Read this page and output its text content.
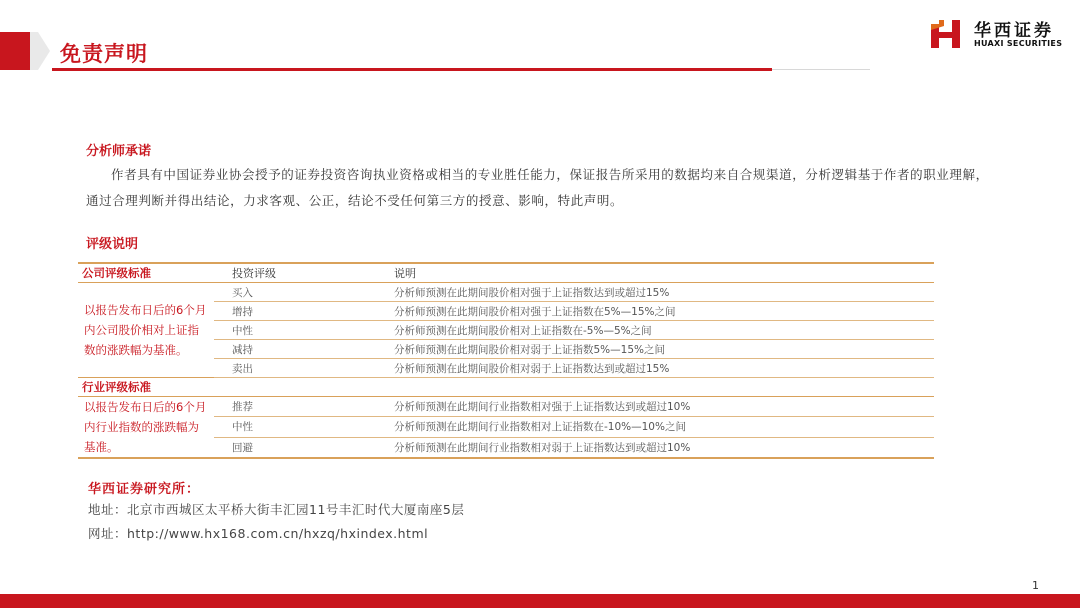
免责声明
华西证券
HUAXI SECURITIES
分析师承诺
作者具有中国证券业协会授予的证券投资咨询执业资格或相当的专业胜任能力，保证报告所采用的数据均来自合规渠道，分析逻辑基于作者的职业理解，通过合理判断并得出结论，力求客观、公正，结论不受任何第三方的授意、影响，特此声明。
评级说明
公司评级标准	投资评级	说明
以报告发布日后的6个月内公司股价相对上证指数的涨跌幅为基准。	买入	分析师预测在此期间股价相对强于上证指数达到或超过15%
	增持	分析师预测在此期间股价相对强于上证指数在5%—15%之间
	中性	分析师预测在此期间股价相对上证指数在-5%—5%之间
	减持	分析师预测在此期间股价相对弱于上证指数5%—15%之间
	卖出	分析师预测在此期间股价相对弱于上证指数达到或超过15%
行业评级标准		
以报告发布日后的6个月内行业指数的涨跌幅为基准。	推荐	分析师预测在此期间行业指数相对强于上证指数达到或超过10%
	中性	分析师预测在此期间行业指数相对上证指数在-10%—10%之间
	回避	分析师预测在此期间行业指数相对弱于上证指数达到或超过10%
华西证券研究所：
地址：北京市西城区太平桥大街丰汇园11号丰汇时代大厦南座5层
网址：http://www.hx168.com.cn/hxzq/hxindex.html
1
